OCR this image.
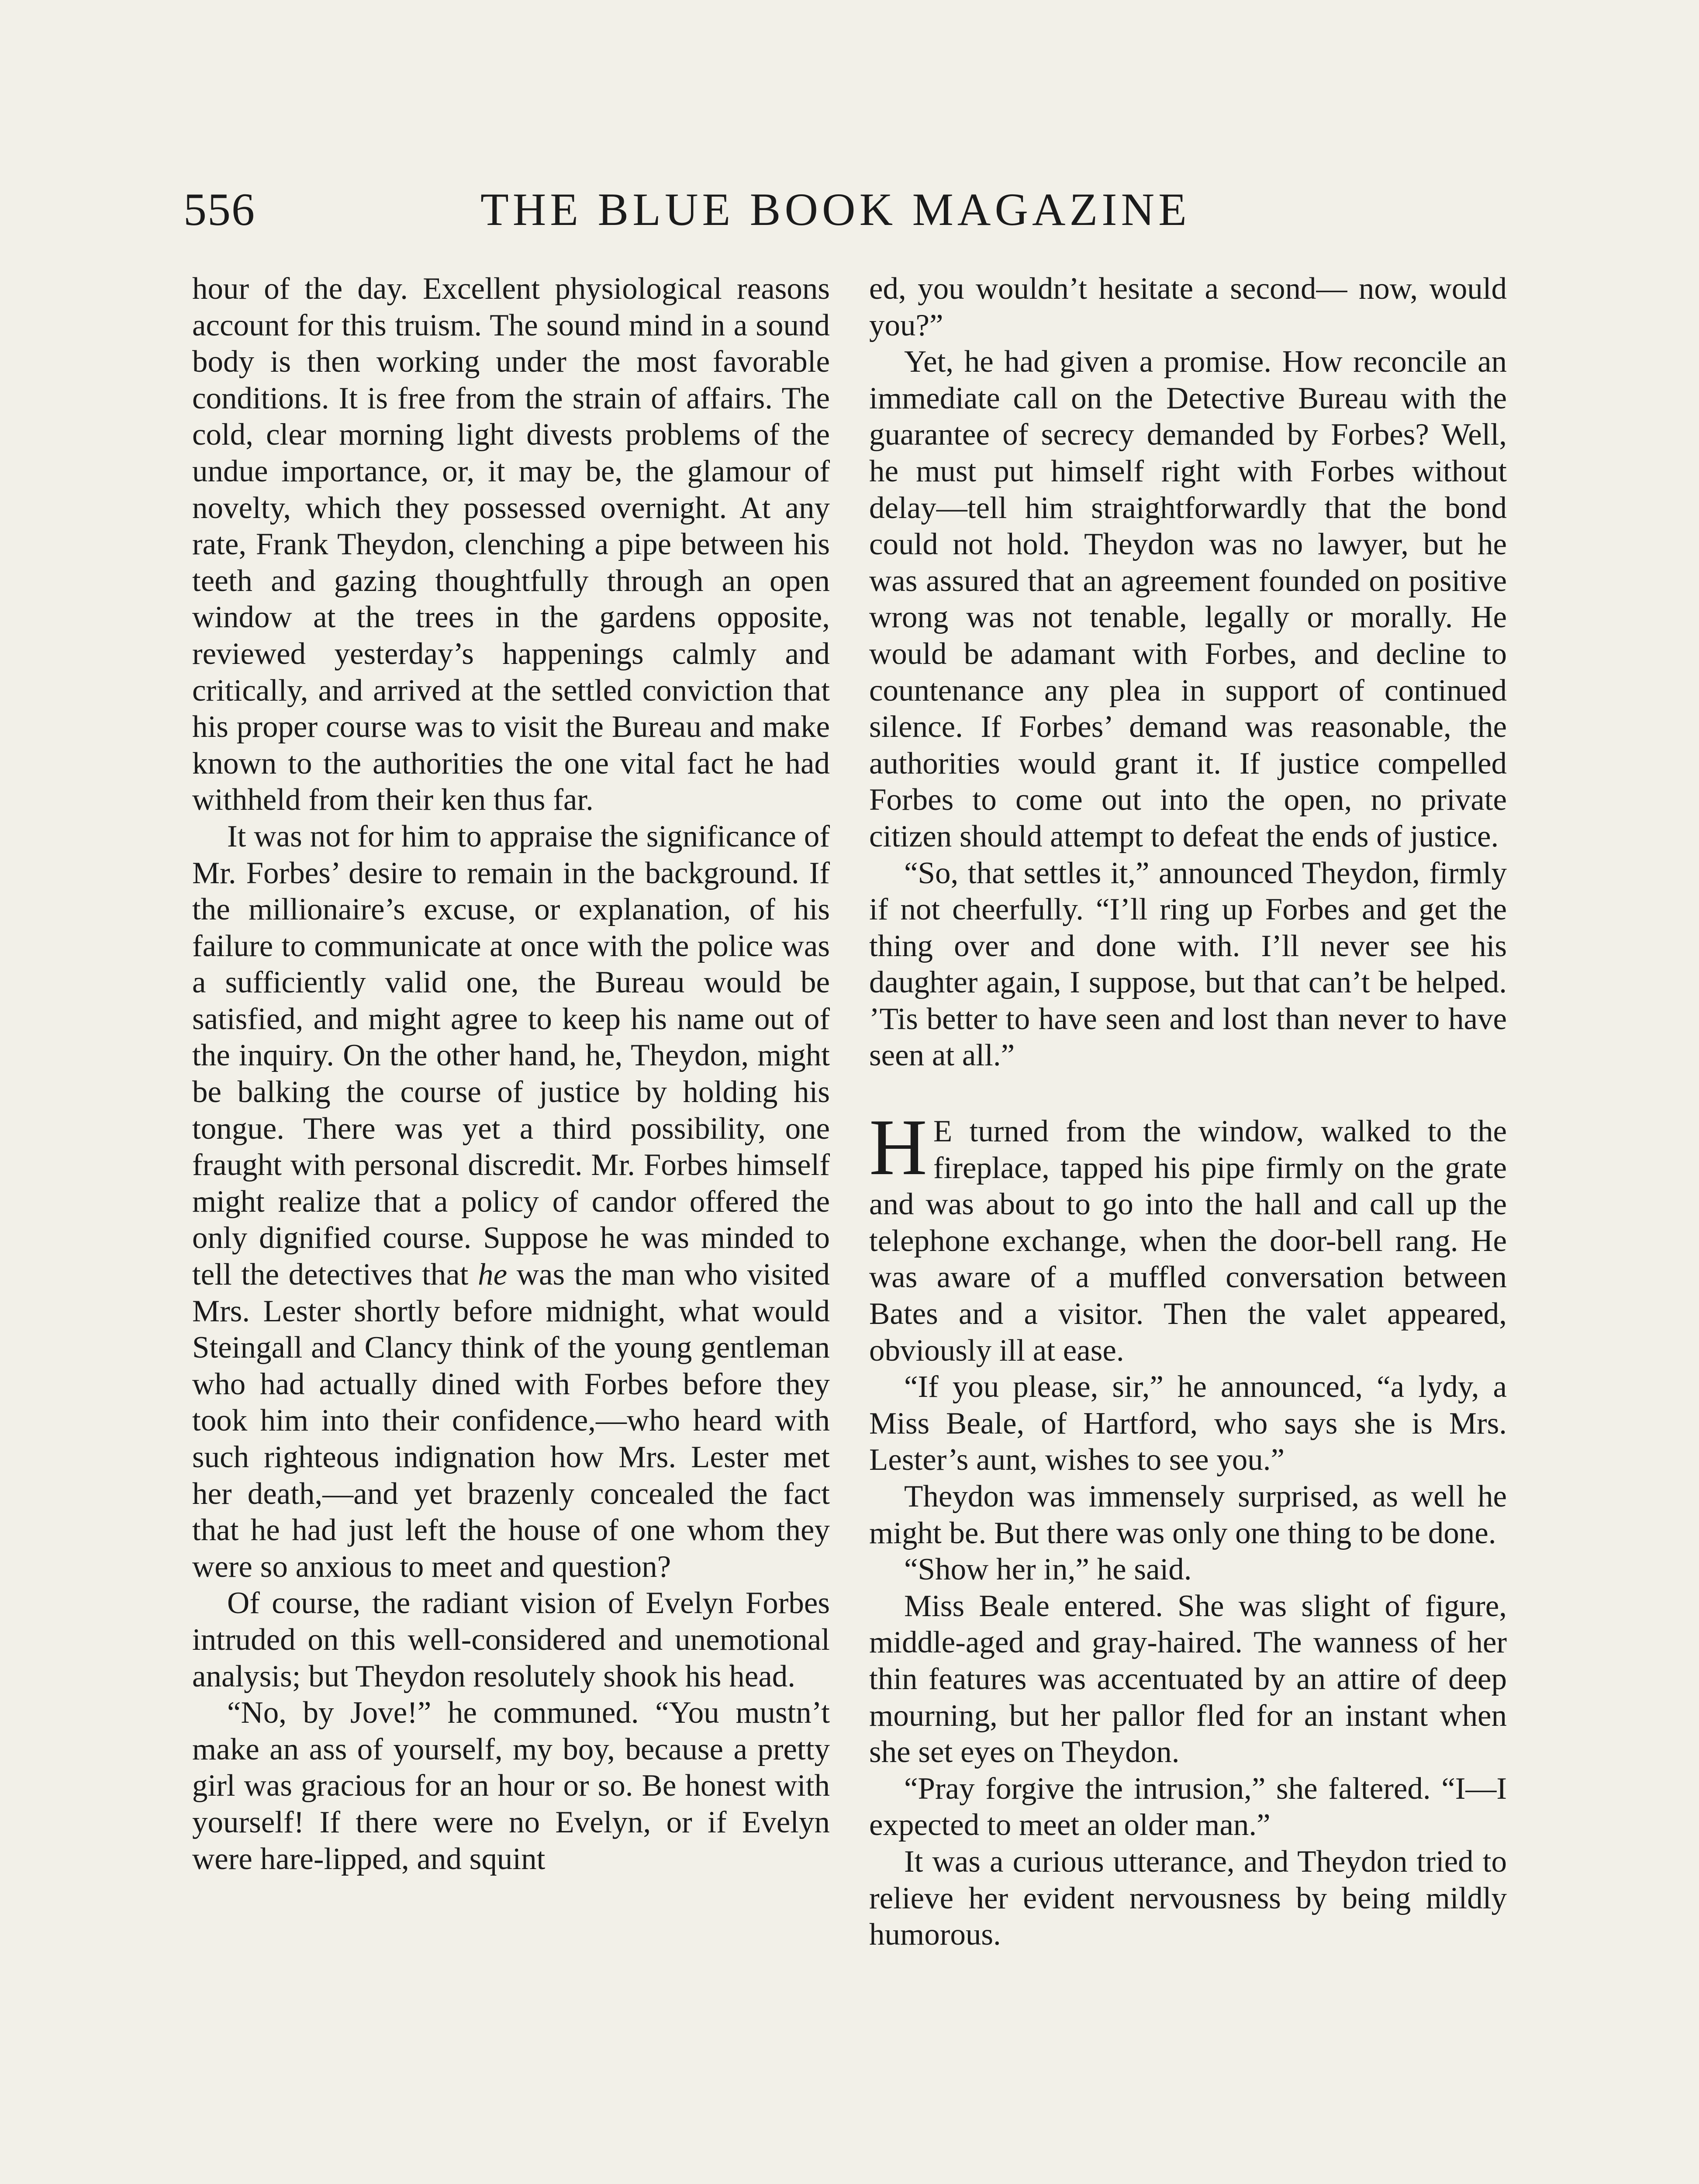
556	THE BLUE BOOK MAGAZINE

hour of the day. Excellent physiological reasons account for this truism. The sound mind in a sound body is then working under the most favorable conditions. It is free from the strain of affairs. The cold, clear morning light divests problems of the undue importance, or, it may be, the glamour of novelty, which they possessed overnight. At any rate, Frank Theydon, clenching a pipe between his teeth and gazing thoughtfully through an open window at the trees in the gardens opposite, reviewed yesterday’s happenings calmly and critically, and arrived at the settled conviction that his proper course was to visit the Bureau and make known to the authorities the one vital fact he had withheld from their ken thus far.

It was not for him to appraise the significance of Mr. Forbes’ desire to remain in the background. If the millionaire’s excuse, or explanation, of his failure to communicate at once with the police was a sufficiently valid one, the Bureau would be satisfied, and might agree to keep his name out of the inquiry. On the other hand, he, Theydon, might be balking the course of justice by holding his tongue. There was yet a third possibility, one fraught with personal discredit. Mr. Forbes himself might realize that a policy of candor offered the only dignified course. Suppose he was minded to tell the detectives that he was the man who visited Mrs. Lester shortly before midnight, what would Steingall and Clancy think of the young gentleman who had actually dined with Forbes before they took him into their confidence,—who heard with such righteous indignation how Mrs. Lester met her death,—and yet brazenly concealed the fact that he had just left the house of one whom they were so anxious to meet and question?

Of course, the radiant vision of Evelyn Forbes intruded on this well-considered and unemotional analysis; but Theydon resolutely shook his head.

“No, by Jove!” he communed. “You mustn’t make an ass of yourself, my boy, because a pretty girl was gracious for an hour or so. Be honest with yourself! If there were no Evelyn, or if Evelyn were hare-lipped, and squint

ed, you wouldn’t hesitate a second— now, would you?”

Yet, he had given a promise. How reconcile an immediate call on the Detective Bureau with the guarantee of secrecy demanded by Forbes? Well, he must put himself right with Forbes without delay—tell him straightforwardly that the bond could not hold. Theydon was no lawyer, but he was assured that an agreement founded on positive wrong was not tenable, legally or morally. He would be adamant with Forbes, and decline to countenance any plea in support of continued silence. If Forbes’ demand was reasonable, the authorities would grant it. If justice compelled Forbes to come out into the open, no private citizen should attempt to defeat the ends of justice.

“So, that settles it,” announced Theydon, firmly if not cheerfully. “I’ll ring up Forbes and get the thing over and done with. I’ll never see his daughter again, I suppose, but that can’t be helped. ’Tis better to have seen and lost than never to have seen at all.”

H E turned from the window, walked to the fireplace, tapped his pipe firmly on the grate and was about to go into the hall and call up the telephone exchange, when the door-bell rang. He was aware of a muffled conversation between Bates and a visitor. Then the valet appeared, obviously ill at ease.

“If you please, sir,” he announced, “a lydy, a Miss Beale, of Hartford, who says she is Mrs. Lester’s aunt, wishes to see you.”

Theydon was immensely surprised, as well he might be. But there was only one thing to be done.

“Show her in,” he said.

Miss Beale entered. She was slight of figure, middle-aged and gray-haired. The wanness of her thin features was accentuated by an attire of deep mourning, but her pallor fled for an instant when she set eyes on Theydon.

“Pray forgive the intrusion,” she faltered. “I—I expected to meet an older man.”

It was a curious utterance, and Theydon tried to relieve her evident nervousness by being mildly humorous.
